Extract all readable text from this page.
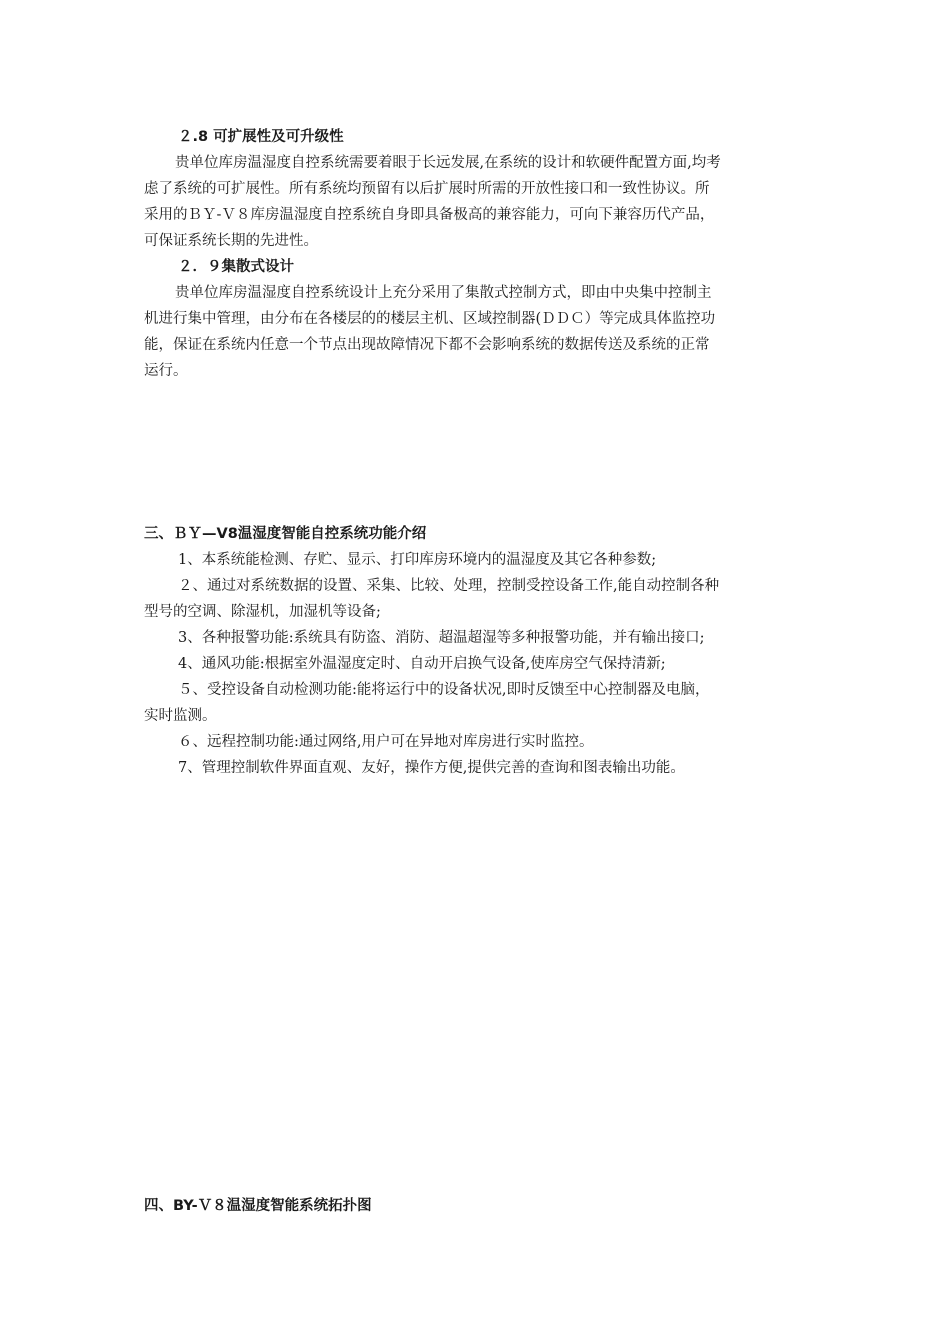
２.8 可扩展性及可升级性

贵单位库房温湿度自控系统需要着眼于长远发展,在系统的设计和软硬件配置方面,均考

虑了系统的可扩展性。所有系统均预留有以后扩展时所需的开放性接口和一致性协议。所

采用的ＢＹ-Ｖ８库房温湿度自控系统自身即具备极高的兼容能力，可向下兼容历代产品，

可保证系统长期的先进性。

２．９集散式设计

贵单位库房温湿度自控系统设计上充分采用了集散式控制方式，即由中央集中控制主

机进行集中管理，由分布在各楼层的的楼层主机、区域控制器(ＤＤＣ）等完成具体监控功

能，保证在系统内任意一个节点出现故障情况下都不会影响系统的数据传送及系统的正常

运行。

三、ＢＹ—V8温湿度智能自控系统功能介绍

1、本系统能检测、存贮、显示、打印库房环境内的温湿度及其它各种参数;

２、通过对系统数据的设置、采集、比较、处理，控制受控设备工作,能自动控制各种

型号的空调、除湿机，加湿机等设备;

3、各种报警功能:系统具有防盗、消防、超温超湿等多种报警功能，并有输出接口;

4、通风功能:根据室外温湿度定时、自动开启换气设备,使库房空气保持清新;

５、受控设备自动检测功能:能将运行中的设备状况,即时反馈至中心控制器及电脑，

实时监测。

６、远程控制功能:通过网络,用户可在异地对库房进行实时监控。

7、管理控制软件界面直观、友好，操作方便,提供完善的查询和图表输出功能。

四、BY-Ｖ８温湿度智能系统拓扑图
